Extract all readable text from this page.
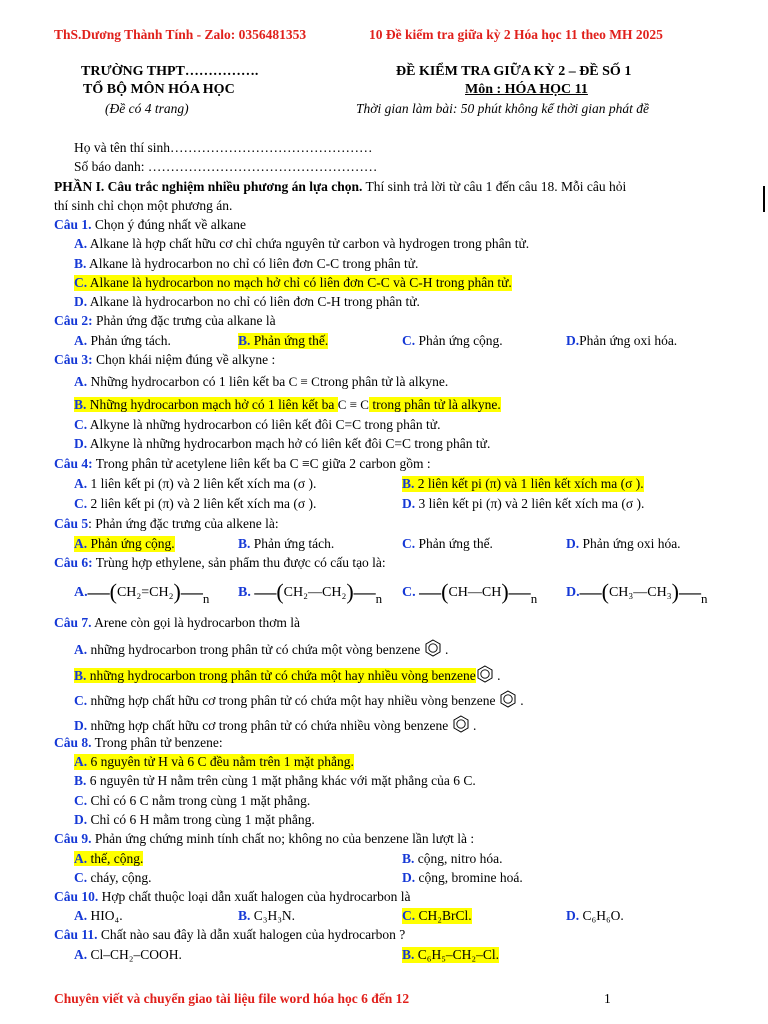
ThS.Dương Thành Tính - Zalo: 0356481353	10 Đề kiểm tra giữa kỳ 2 Hóa học 11 theo MH 2025
TRƯỜNG THPT…………….
TỔ BỘ MÔN HÓA HỌC
(Đề có 4 trang)
ĐỀ KIỂM TRA GIỮA KỲ 2 – ĐỀ SỐ 1
Môn : HÓA HỌC 11
Thời gian làm bài: 50 phút không kể thời gian phát đề
Họ và tên thí sinh………………………………………
Số báo danh: ……………………………………………
PHẦN I. Câu trắc nghiệm nhiều phương án lựa chọn. Thí sinh trả lời từ câu 1 đến câu 18. Mỗi câu hỏi
thí sinh chỉ chọn một phương án.
Câu 1. Chọn ý đúng nhất về alkane
A. Alkane là hợp chất hữu cơ chỉ chứa nguyên tử carbon và hydrogen trong phân tử.
B. Alkane là hydrocarbon no chỉ có liên đơn C-C trong phân tử.
C. Alkane là hydrocarbon no mạch hở chỉ có liên đơn C-C và C-H trong phân tử.
D. Alkane là hydrocarbon no chỉ có liên đơn C-H trong phân tử.
Câu 2: Phản ứng đặc trưng của alkane là
A. Phản ứng tách.	B. Phản ứng thế.	C. Phản ứng cộng.	D.Phản ứng oxi hóa.
Câu 3: Chọn khái niệm đúng về alkyne :
A. Những hydrocarbon có 1 liên kết ba C ≡ Ctrong phân tử là alkyne.
B. Những hydrocarbon mạch hở có 1 liên kết ba C ≡ C trong phân tử là alkyne.
C. Alkyne là những hydrocarbon có liên kết đôi C=C trong phân tử.
D. Alkyne là những hydrocarbon mạch hở có liên kết đôi C=C trong phân tử.
Câu 4: Trong phân tử acetylene liên kết ba C ≡C giữa 2 carbon gồm :
A. 1 liên kết pi (π) và 2 liên kết xích ma (σ ).	B. 2 liên kết pi (π) và 1 liên kết xích ma (σ ).
C. 2 liên kết pi (π) và 2 liên kết xích ma (σ ).	D. 3 liên kết pi (π) và 2 liên kết xích ma (σ ).
Câu 5: Phản ứng đặc trưng của alkene là:
A. Phản ứng cộng.	B. Phản ứng tách.	C. Phản ứng thế.	D. Phản ứng oxi hóa.
Câu 6: Trùng hợp ethylene, sản phẩm thu được có cấu tạo là:
$A.—(CH_2=CH_2)—_n$ B. $—(CH_2—CH_2)—_n$ C. $—(CH—CH)—_n$ $D.—(CH_3—CH_3)—_n$
Câu 7. Arene còn gọi là hydrocarbon thơm là
A. những hydrocarbon trong phân tử có chứa một vòng benzene  .
B. những hydrocarbon trong phân tử có chứa một hay nhiều vòng benzene .
C. những hợp chất hữu cơ trong phân tử có chứa một hay nhiều vòng benzene  .
D. những hợp chất hữu cơ trong phân tử có chứa nhiều vòng benzene  .
Câu 8. Trong phân tử benzene:
A. 6 nguyên tử H và 6 C đều nằm trên 1 mặt phẳng.
B. 6 nguyên tử H nằm trên cùng 1 mặt phẳng khác với mặt phẳng của 6 C.
C. Chỉ có 6 C nằm trong cùng 1 mặt phẳng.
D. Chỉ có 6 H mằm trong cùng 1 mặt phẳng.
Câu 9. Phản ứng chứng minh tính chất no; không no của benzene lần lượt là :
A. thế, cộng.	B. cộng, nitro hóa.
C. cháy, cộng.	D. cộng, bromine hoá.
Câu 10. Hợp chất thuộc loại dẫn xuất halogen của hydrocarbon là
A. HIO₄.	B. C₃H₃N.	C. CH₂BrCl.	D. C₆H₆O.
Câu 11. Chất nào sau đây là dẫn xuất halogen của hydrocarbon ?
A. Cl–CH₂–COOH.	B. C₆H₅–CH₂–Cl.
Chuyên viết và chuyển giao tài liệu file word hóa học 6 đến 12	1
